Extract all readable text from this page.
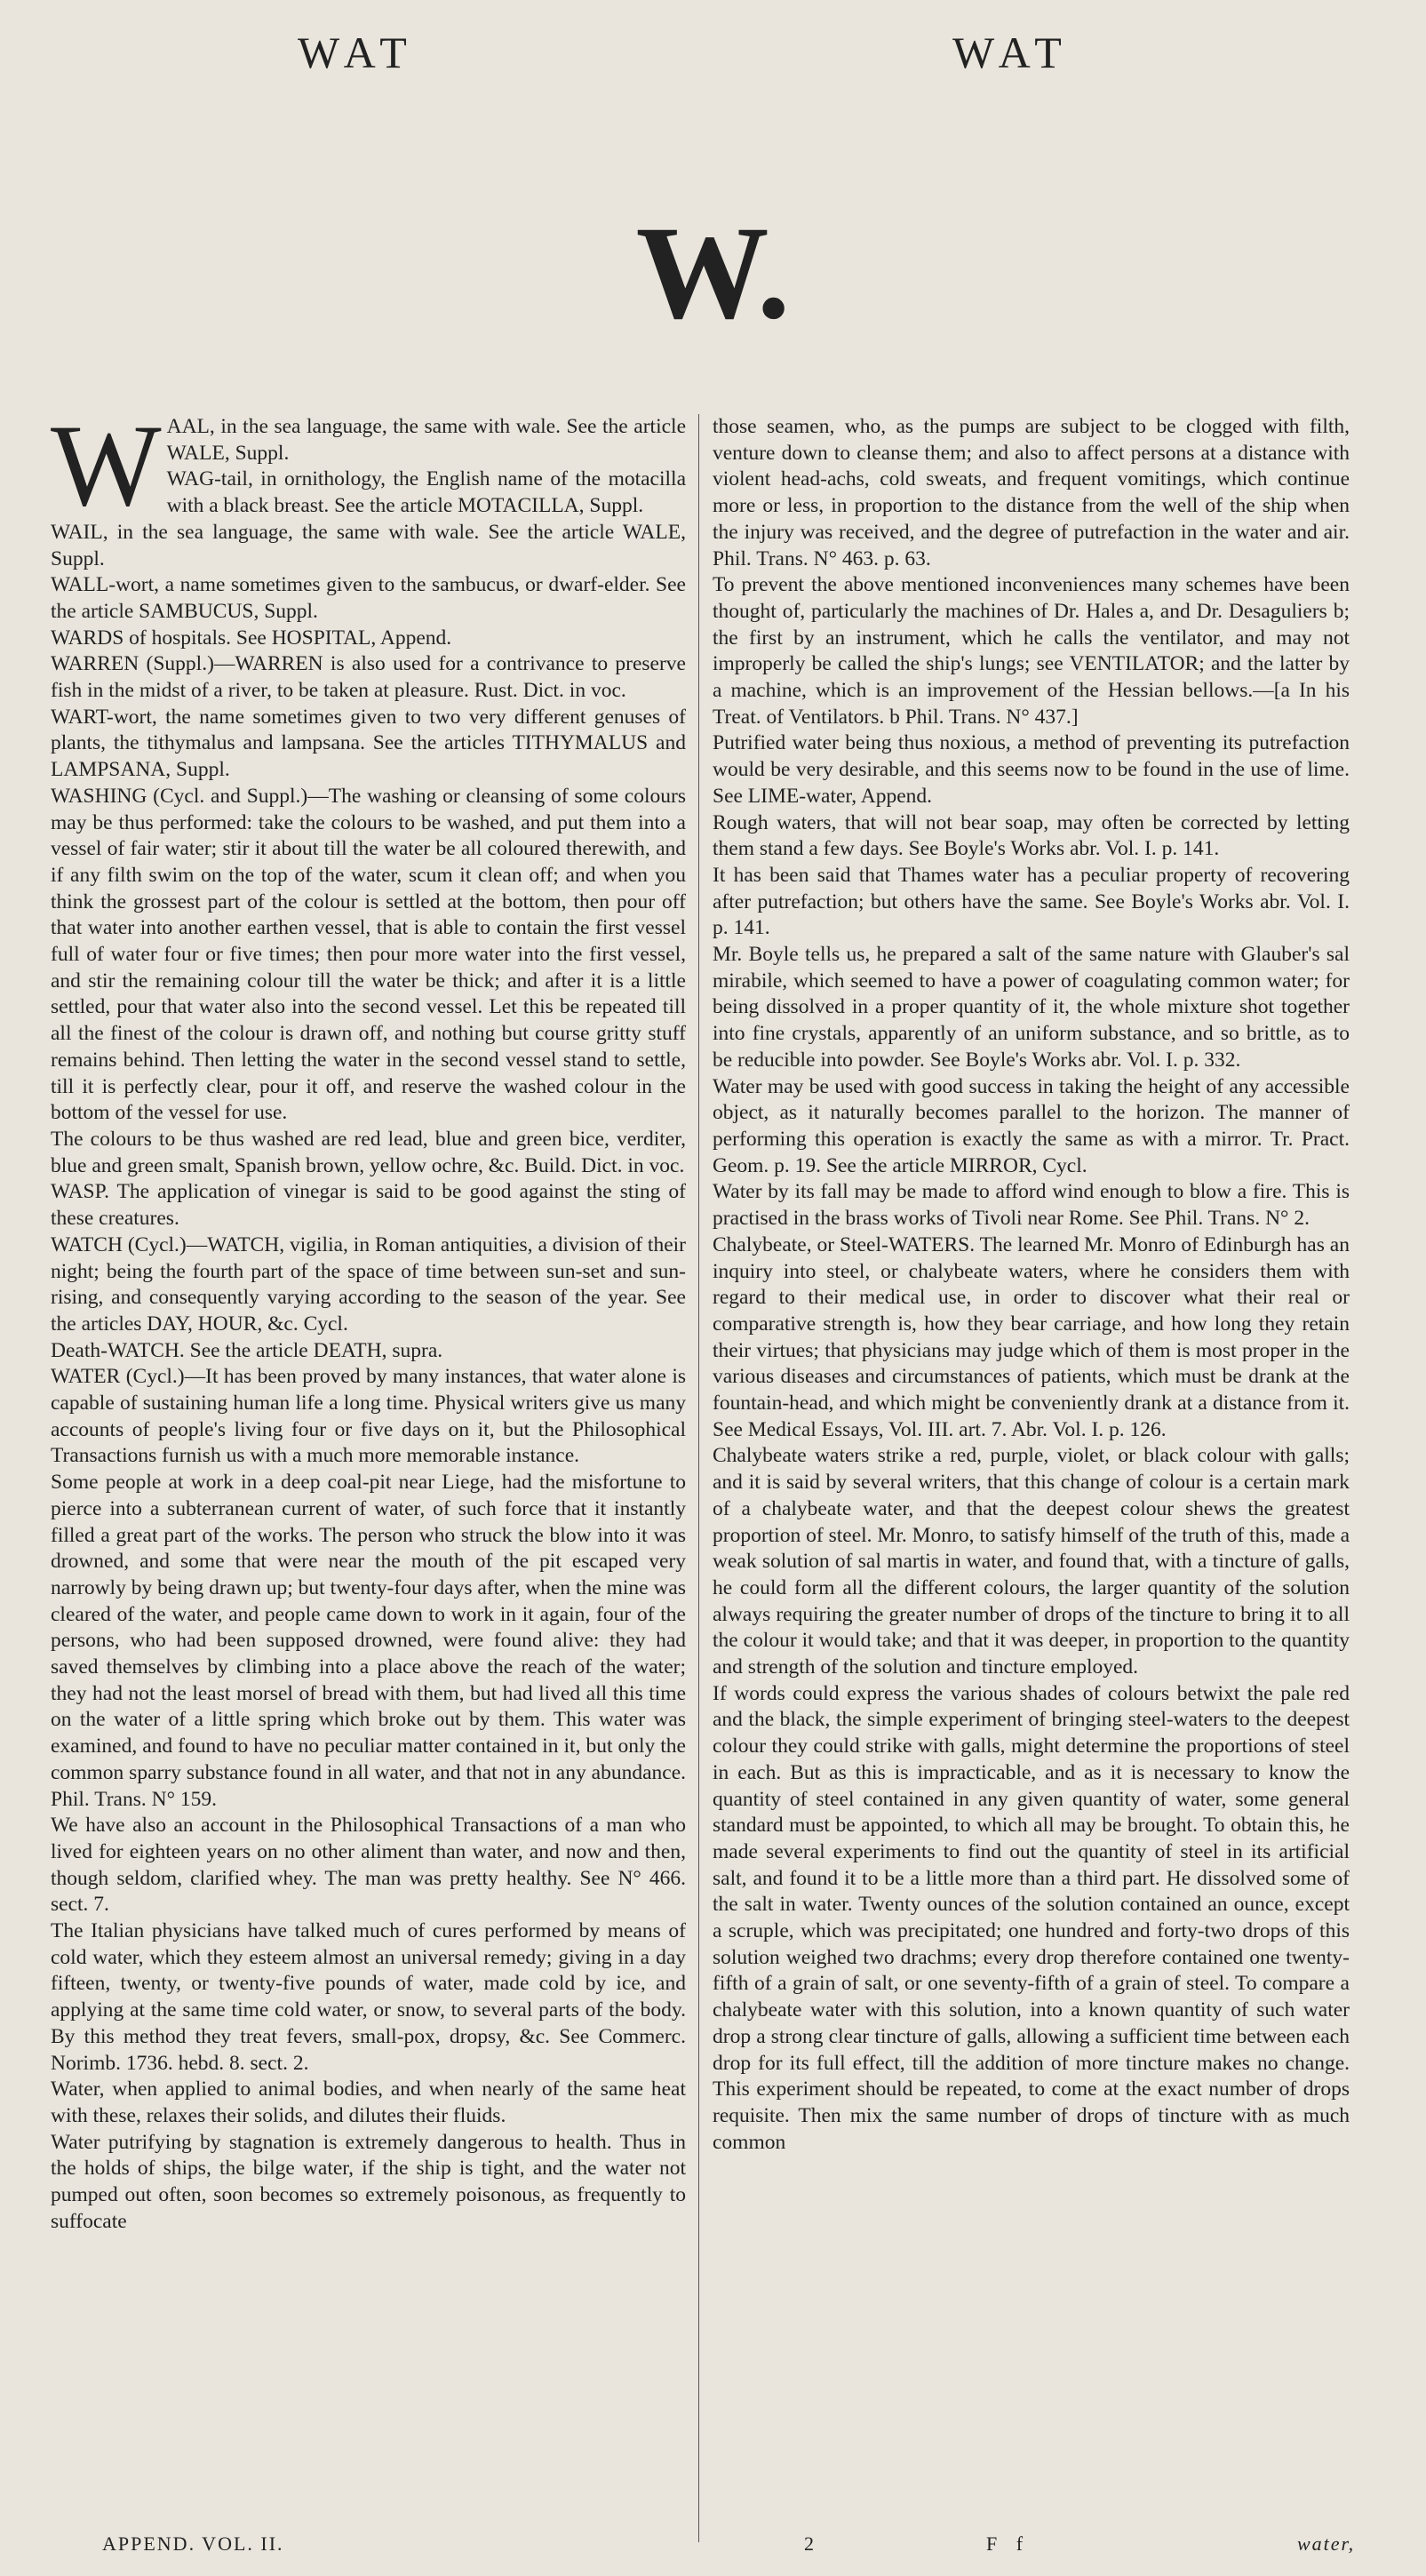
WAT	WAT
W.
W AAL, in the sea language, the same with wale. See the article WALE, Suppl.

WAG-tail, in ornithology, the English name of the motacilla with a black breast. See the article MOTACILLA, Suppl.

WAIL, in the sea language, the same with wale. See the article WALE, Suppl.

WALL-wort, a name sometimes given to the sambucus, or dwarf-elder. See the article SAMBUCUS, Suppl.

WARDS of hospitals. See HOSPITAL, Append.

WARREN (Suppl.)—WARREN is also used for a contrivance to preserve fish in the midst of a river, to be taken at pleasure. Rust. Dict. in voc.

WART-wort, the name sometimes given to two very different genuses of plants, the tithymalus and lampsana. See the articles TITHYMALUS and LAMPSANA, Suppl.

WASHING (Cycl. and Suppl.)—The washing or cleansing of some colours may be thus performed: take the colours to be washed, and put them into a vessel of fair water; stir it about till the water be all coloured therewith, and if any filth swim on the top of the water, scum it clean off; and when you think the grossest part of the colour is settled at the bottom, then pour off that water into another earthen vessel, that is able to contain the first vessel full of water four or five times; then pour more water into the first vessel, and stir the remaining colour till the water be thick; and after it is a little settled, pour that water also into the second vessel. Let this be repeated till all the finest of the colour is drawn off, and nothing but course gritty stuff remains behind. Then letting the water in the second vessel stand to settle, till it is perfectly clear, pour it off, and reserve the washed colour in the bottom of the vessel for use.

The colours to be thus washed are red lead, blue and green bice, verditer, blue and green smalt, Spanish brown, yellow ochre, &c. Build. Dict. in voc.

WASP. The application of vinegar is said to be good against the sting of these creatures.

WATCH (Cycl.)—WATCH, vigilia, in Roman antiquities, a division of their night; being the fourth part of the space of time between sun-set and sun-rising, and consequently varying according to the season of the year. See the articles DAY, HOUR, &c. Cycl.

Death-WATCH. See the article DEATH, supra.

WATER (Cycl.)—It has been proved by many instances, that water alone is capable of sustaining human life a long time. Physical writers give us many accounts of people's living four or five days on it, but the Philosophical Transactions furnish us with a much more memorable instance.

Some people at work in a deep coal-pit near Liege, had the misfortune to pierce into a subterranean current of water, of such force that it instantly filled a great part of the works. The person who struck the blow into it was drowned, and some that were near the mouth of the pit escaped very narrowly by being drawn up; but twenty-four days after, when the mine was cleared of the water, and people came down to work in it again, four of the persons, who had been supposed drowned, were found alive: they had saved themselves by climbing into a place above the reach of the water; they had not the least morsel of bread with them, but had lived all this time on the water of a little spring which broke out by them. This water was examined, and found to have no peculiar matter contained in it, but only the common sparry substance found in all water, and that not in any abundance. Phil. Trans. N° 159.

We have also an account in the Philosophical Transactions of a man who lived for eighteen years on no other aliment than water, and now and then, though seldom, clarified whey. The man was pretty healthy. See N° 466. sect. 7.

The Italian physicians have talked much of cures performed by means of cold water, which they esteem almost an universal remedy; giving in a day fifteen, twenty, or twenty-five pounds of water, made cold by ice, and applying at the same time cold water, or snow, to several parts of the body. By this method they treat fevers, small-pox, dropsy, &c. See Commerc. Norimb. 1736. hebd. 8. sect. 2.

Water, when applied to animal bodies, and when nearly of the same heat with these, relaxes their solids, and dilutes their fluids.

Water putrifying by stagnation is extremely dangerous to health. Thus in the holds of ships, the bilge water, if the ship is tight, and the water not pumped out often, soon becomes so extremely poisonous, as frequently to suffocate

those seamen, who, as the pumps are subject to be clogged with filth, venture down to cleanse them; and also to affect persons at a distance with violent head-achs, cold sweats, and frequent vomitings, which continue more or less, in proportion to the distance from the well of the ship when the injury was received, and the degree of putrefaction in the water and air. Phil. Trans. N° 463. p. 63.

To prevent the above mentioned inconveniences many schemes have been thought of, particularly the machines of Dr. Hales a, and Dr. Desaguliers b; the first by an instrument, which he calls the ventilator, and may not improperly be called the ship's lungs; see VENTILATOR; and the latter by a machine, which is an improvement of the Hessian bellows.—[a In his Treat. of Ventilators. b Phil. Trans. N° 437.]

Putrified water being thus noxious, a method of preventing its putrefaction would be very desirable, and this seems now to be found in the use of lime. See LIME-water, Append.

Rough waters, that will not bear soap, may often be corrected by letting them stand a few days. See Boyle's Works abr. Vol. I. p. 141.

It has been said that Thames water has a peculiar property of recovering after putrefaction; but others have the same. See Boyle's Works abr. Vol. I. p. 141.

Mr. Boyle tells us, he prepared a salt of the same nature with Glauber's sal mirabile, which seemed to have a power of coagulating common water; for being dissolved in a proper quantity of it, the whole mixture shot together into fine crystals, apparently of an uniform substance, and so brittle, as to be reducible into powder. See Boyle's Works abr. Vol. I. p. 332.

Water may be used with good success in taking the height of any accessible object, as it naturally becomes parallel to the horizon. The manner of performing this operation is exactly the same as with a mirror. Tr. Pract. Geom. p. 19. See the article MIRROR, Cycl.

Water by its fall may be made to afford wind enough to blow a fire. This is practised in the brass works of Tivoli near Rome. See Phil. Trans. N° 2.

Chalybeate, or Steel-WATERS. The learned Mr. Monro of Edinburgh has an inquiry into steel, or chalybeate waters, where he considers them with regard to their medical use, in order to discover what their real or comparative strength is, how they bear carriage, and how long they retain their virtues; that physicians may judge which of them is most proper in the various diseases and circumstances of patients, which must be drank at the fountain-head, and which might be conveniently drank at a distance from it. See Medical Essays, Vol. III. art. 7. Abr. Vol. I. p. 126.

Chalybeate waters strike a red, purple, violet, or black colour with galls; and it is said by several writers, that this change of colour is a certain mark of a chalybeate water, and that the deepest colour shews the greatest proportion of steel. Mr. Monro, to satisfy himself of the truth of this, made a weak solution of sal martis in water, and found that, with a tincture of galls, he could form all the different colours, the larger quantity of the solution always requiring the greater number of drops of the tincture to bring it to all the colour it would take; and that it was deeper, in proportion to the quantity and strength of the solution and tincture employed.

If words could express the various shades of colours betwixt the pale red and the black, the simple experiment of bringing steel-waters to the deepest colour they could strike with galls, might determine the proportions of steel in each. But as this is impracticable, and as it is necessary to know the quantity of steel contained in any given quantity of water, some general standard must be appointed, to which all may be brought. To obtain this, he made several experiments to find out the quantity of steel in its artificial salt, and found it to be a little more than a third part. He dissolved some of the salt in water. Twenty ounces of the solution contained an ounce, except a scruple, which was precipitated; one hundred and forty-two drops of this solution weighed two drachms; every drop therefore contained one twenty-fifth of a grain of salt, or one seventy-fifth of a grain of steel. To compare a chalybeate water with this solution, into a known quantity of such water drop a strong clear tincture of galls, allowing a sufficient time between each drop for its full effect, till the addition of more tincture makes no change. This experiment should be repeated, to come at the exact number of drops requisite. Then mix the same number of drops of tincture with as much common

APPEND. VOL. II.	2	F f	water,
